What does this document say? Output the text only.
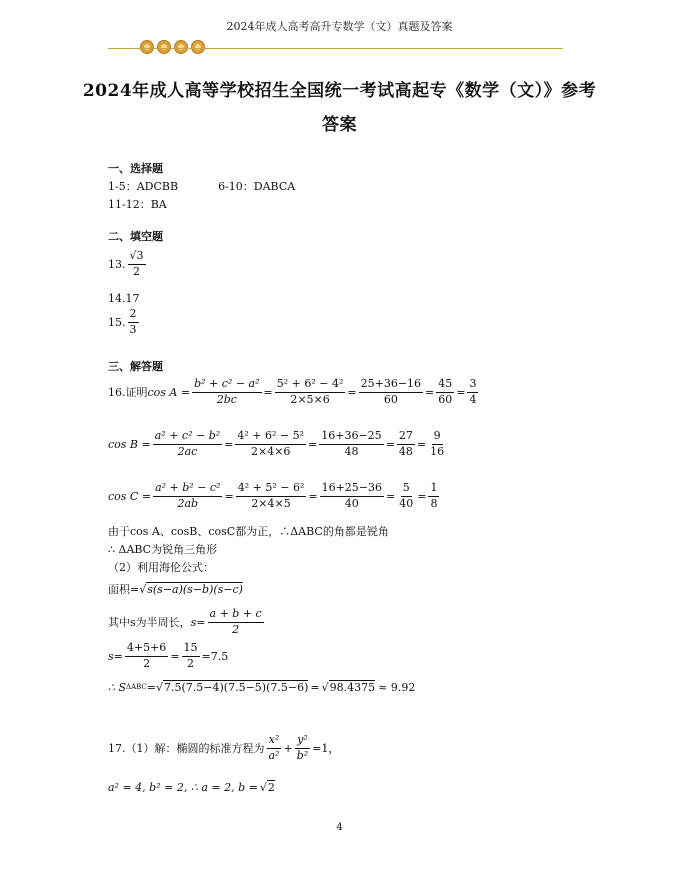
2024年成人高考高升专数学（文）真题及答案
2024年成人高等学校招生全国统一考试高起专《数学（文）》参考
答案
一、选择题
1-5：ADCBB	6-10：DABCA
11-12：BA
二、填空题
13. $\frac{√3}{2}$
14.17
15. $\frac{2}{3}$
三、解答题
16.证明 $\cos A = \frac{\text{b² + c² − a²}}{2bc} = \frac{\text{5² + 6² − 4²}}{2\times 5\times 6} = \frac{25+36-16}{60} = \frac{45}{60} = \frac{3}{4}$
$\cos B = \frac{\text{a² + c² − b²}}{2ac} = \frac{\text{4² + 6² − 5²}}{2\times 4\times 6} = \frac{16+36-25}{48} = \frac{27}{48} = \frac{9}{16}$
$\cos C = \frac{\text{a² + b² − c²}}{2ab} = \frac{\text{4² + 5² − 6²}}{2\times 4\times 5} = \frac{16+25-36}{40} = \frac{5}{40} = \frac{1}{8}$
由于cos A、cosB、cosC都为正，∴ΔABC的角都是锐角
∴ ΔABC为锐角三角形
（2）利用海伦公式：
面积= √ s(s−a)(s−b)(s−c)
其中s为半周长， $s= \frac{a + b + c}{2}$
$s= \frac{4+5+6}{2} = \frac{15}{2} =7.5$
∴ S ΔABC = √ 7.5(7.5−4)(7.5−5)(7.5−6) = √ 98.4375 ≈ 9.92
17.（1）解：椭圆的标准方程为 $\frac{\text{x²}}{\text{a²}} + \frac{\text{y²}}{\text{b²}} =1$，
a² = 4, b² = 2, ∴ a = 2, b = √ 2
4
